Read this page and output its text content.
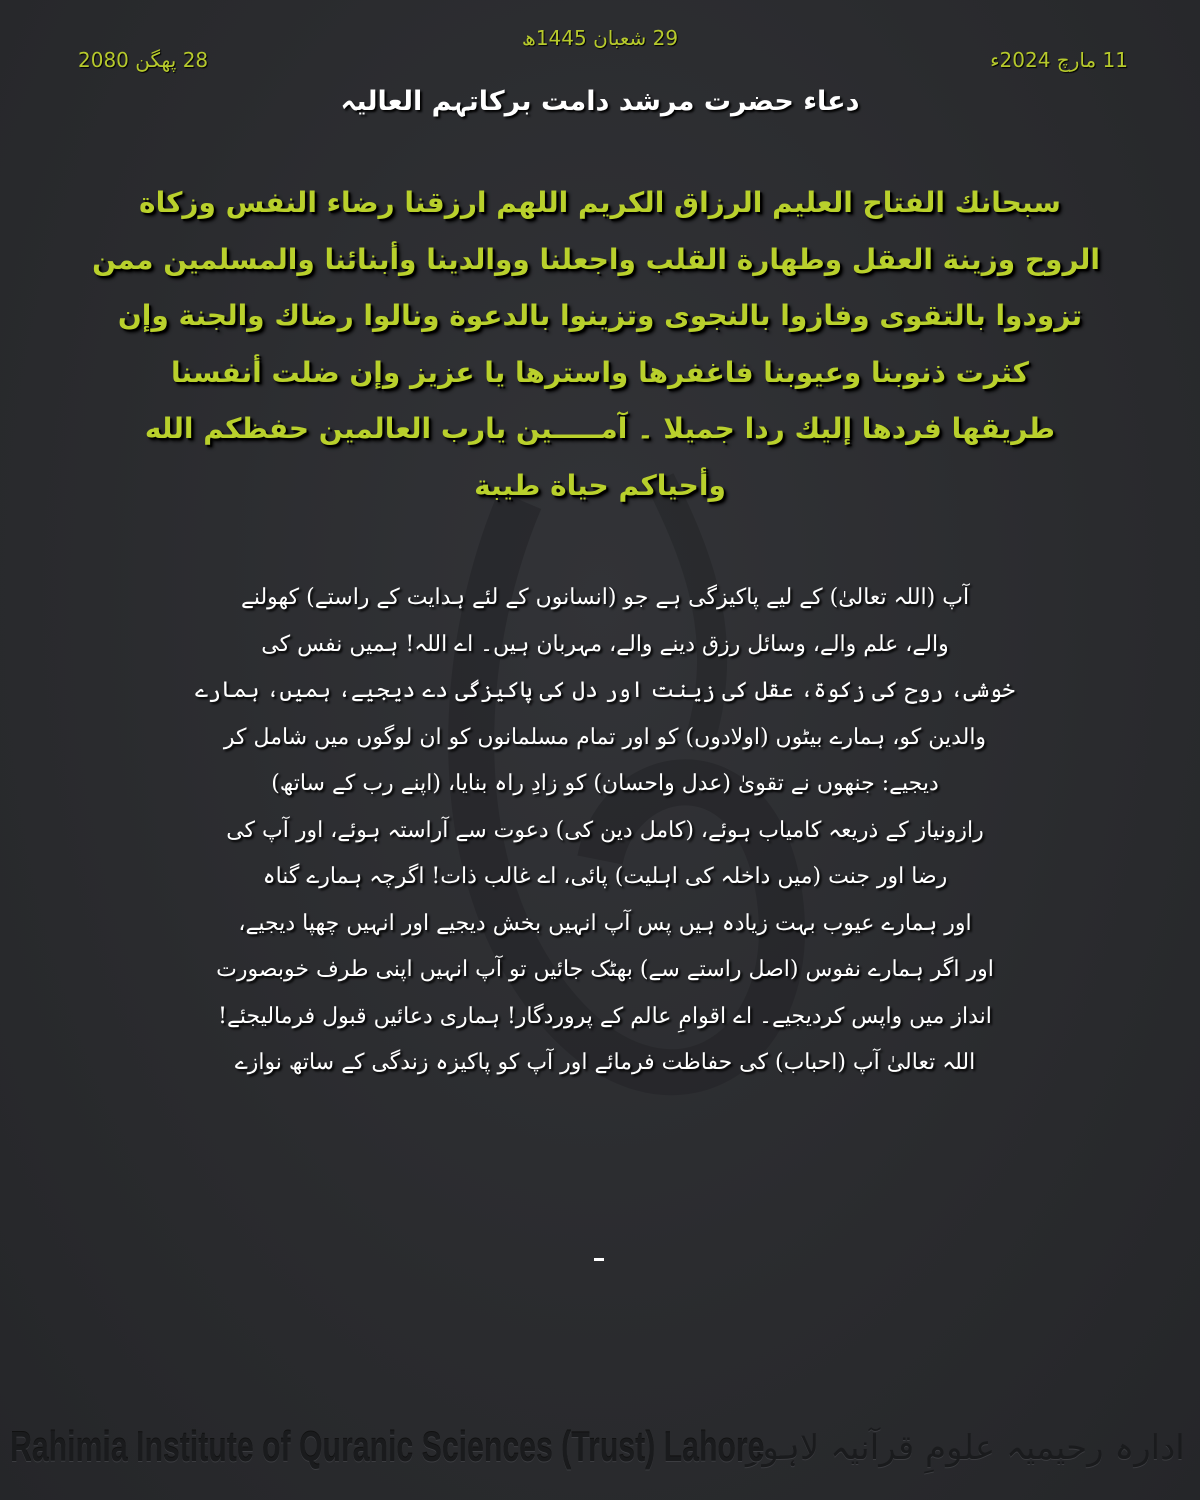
29 شعبان 1445ھ
28 پھگن 2080	11 مارچ 2024ء
دعاء حضرت مرشد دامت برکاتہم العالیہ
سبحانك الفتاح العليم الرزاق الكريم اللهم ارزقنا رضاء النفس وزكاة
الروح وزينة العقل وطهارة القلب واجعلنا ووالدينا وأبنائنا والمسلمين ممن
تزودوا بالتقوى وفازوا بالنجوى وتزينوا بالدعوة ونالوا رضاك والجنة وإن
كثرت ذنوبنا وعيوبنا فاغفرها واسترها يا عزيز وإن ضلت أنفسنا
طريقها فردها إليك ردا جميلا ۔ آمـــــين يارب العالمين حفظكم الله
وأحياكم حياة طيبة
آپ (اللہ تعالیٰ) کے لیے پاکیزگی ہے جو (انسانوں کے لئے ہدایت کے راستے) کھولنے
والے، علم والے، وسائل رزق دینے والے، مہربان ہیں۔ اے اللہ! ہمیں نفس کی
خوشی، روح کی زکوۃ، عقل کی زینت اور دل کی پاکیزگی دے دیجیے، ہمیں، ہمارے
والدین کو، ہمارے بیٹوں (اولادوں) کو اور تمام مسلمانوں کو ان لوگوں میں شامل کر
دیجیے: جنھوں نے تقویٰ (عدل واحسان) کو زادِ راہ بنایا، (اپنے رب کے ساتھ)
رازونیاز کے ذریعہ کامیاب ہوئے، (کامل دین کی) دعوت سے آراستہ ہوئے، اور آپ کی
رضا اور جنت (میں داخلہ کی اہلیت) پائی، اے غالب ذات! اگرچہ ہمارے گناہ
اور ہمارے عیوب بہت زیادہ ہیں پس آپ انہیں بخش دیجیے اور انہیں چھپا دیجیے،
اور اگر ہمارے نفوس (اصل راستے سے) بھٹک جائیں تو آپ انہیں اپنی طرف خوبصورت
انداز میں واپس کردیجیے۔ اے اقوامِ عالم کے پروردگار! ہماری دعائیں قبول فرمالیجئے!
اللہ تعالیٰ آپ (احباب) کی حفاظت فرمائے اور آپ کو پاکیزہ زندگی کے ساتھ نوازے
Rahimia Institute of Quranic Sciences (Trust) Lahore
ادارہ رحیمیہ علومِ قرآنیہ لاہور
